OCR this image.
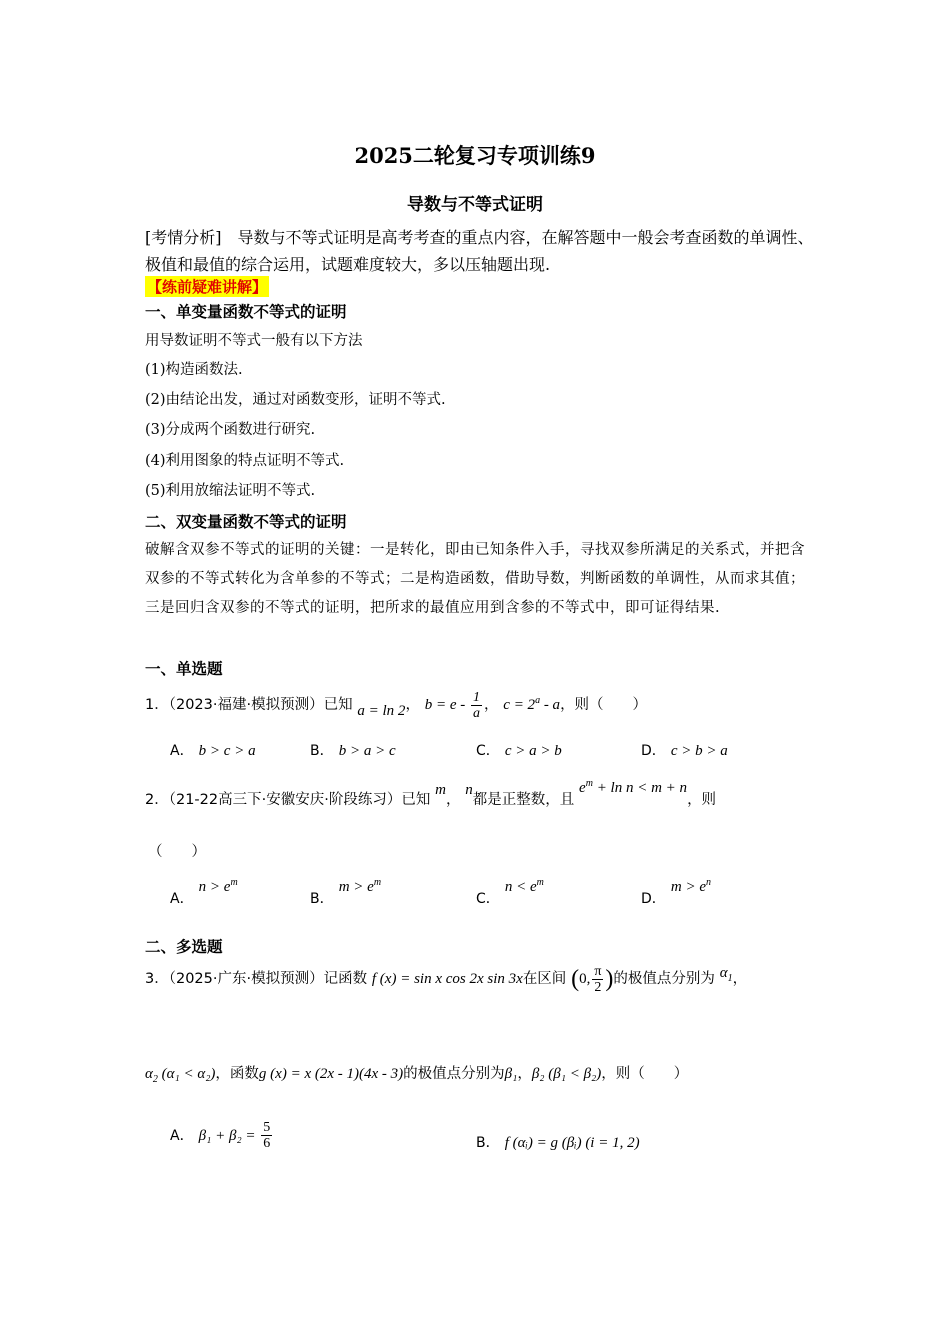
2025二轮复习专项训练9
导数与不等式证明
[考情分析]　导数与不等式证明是高考考查的重点内容，在解答题中一般会考查函数的单调性、极值和最值的综合运用，试题难度较大，多以压轴题出现.
【练前疑难讲解】
一、单变量函数不等式的证明
用导数证明不等式一般有以下方法
(1)构造函数法.
(2)由结论出发，通过对函数变形，证明不等式.
(3)分成两个函数进行研究.
(4)利用图象的特点证明不等式.
(5)利用放缩法证明不等式.
二、双变量函数不等式的证明
破解含双参不等式的证明的关键：一是转化，即由已知条件入手，寻找双参所满足的关系式，并把含双参的不等式转化为含单参的不等式；二是构造函数，借助导数，判断函数的单调性，从而求其值；三是回归含双参的不等式的证明，把所求的最值应用到含参的不等式中，即可证得结果.
一、单选题
1．（2023·福建·模拟预测）已知 a = ln 2， $b = e - \frac{1}{a}$ ， $c = 2^a - a$，则（　　）
A． b > c > a	B． b > a > c	C． c > a > b	D． c > b > a
2．（21-22高三下·安徽安庆·阶段练习）已知 m， n都是正整数，且 $e^m + \ln n < m + n$，则
（　　）
A． $n > e^m$
B． $m > e^m$
C． $n < e^m$
D． $m > e^n$
二、多选题
3．（2025·广东·模拟预测）记函数 f (x) = sin x cos 2x sin 3x在区间 (0, $\frac{\pi}{2}$ )的极值点分别为 $\alpha_1$，
$\alpha_2$ (α₁ < α₂)，函数g (x) = x (2x - 1)(4x - 3)的极值点分别为β₁，β₂ (β₁ < β₂)，则（　　）
A． $\beta_1 + \beta_2 = \frac{5}{6}$	B． f (αᵢ) = g (βᵢ) (i = 1, 2)
